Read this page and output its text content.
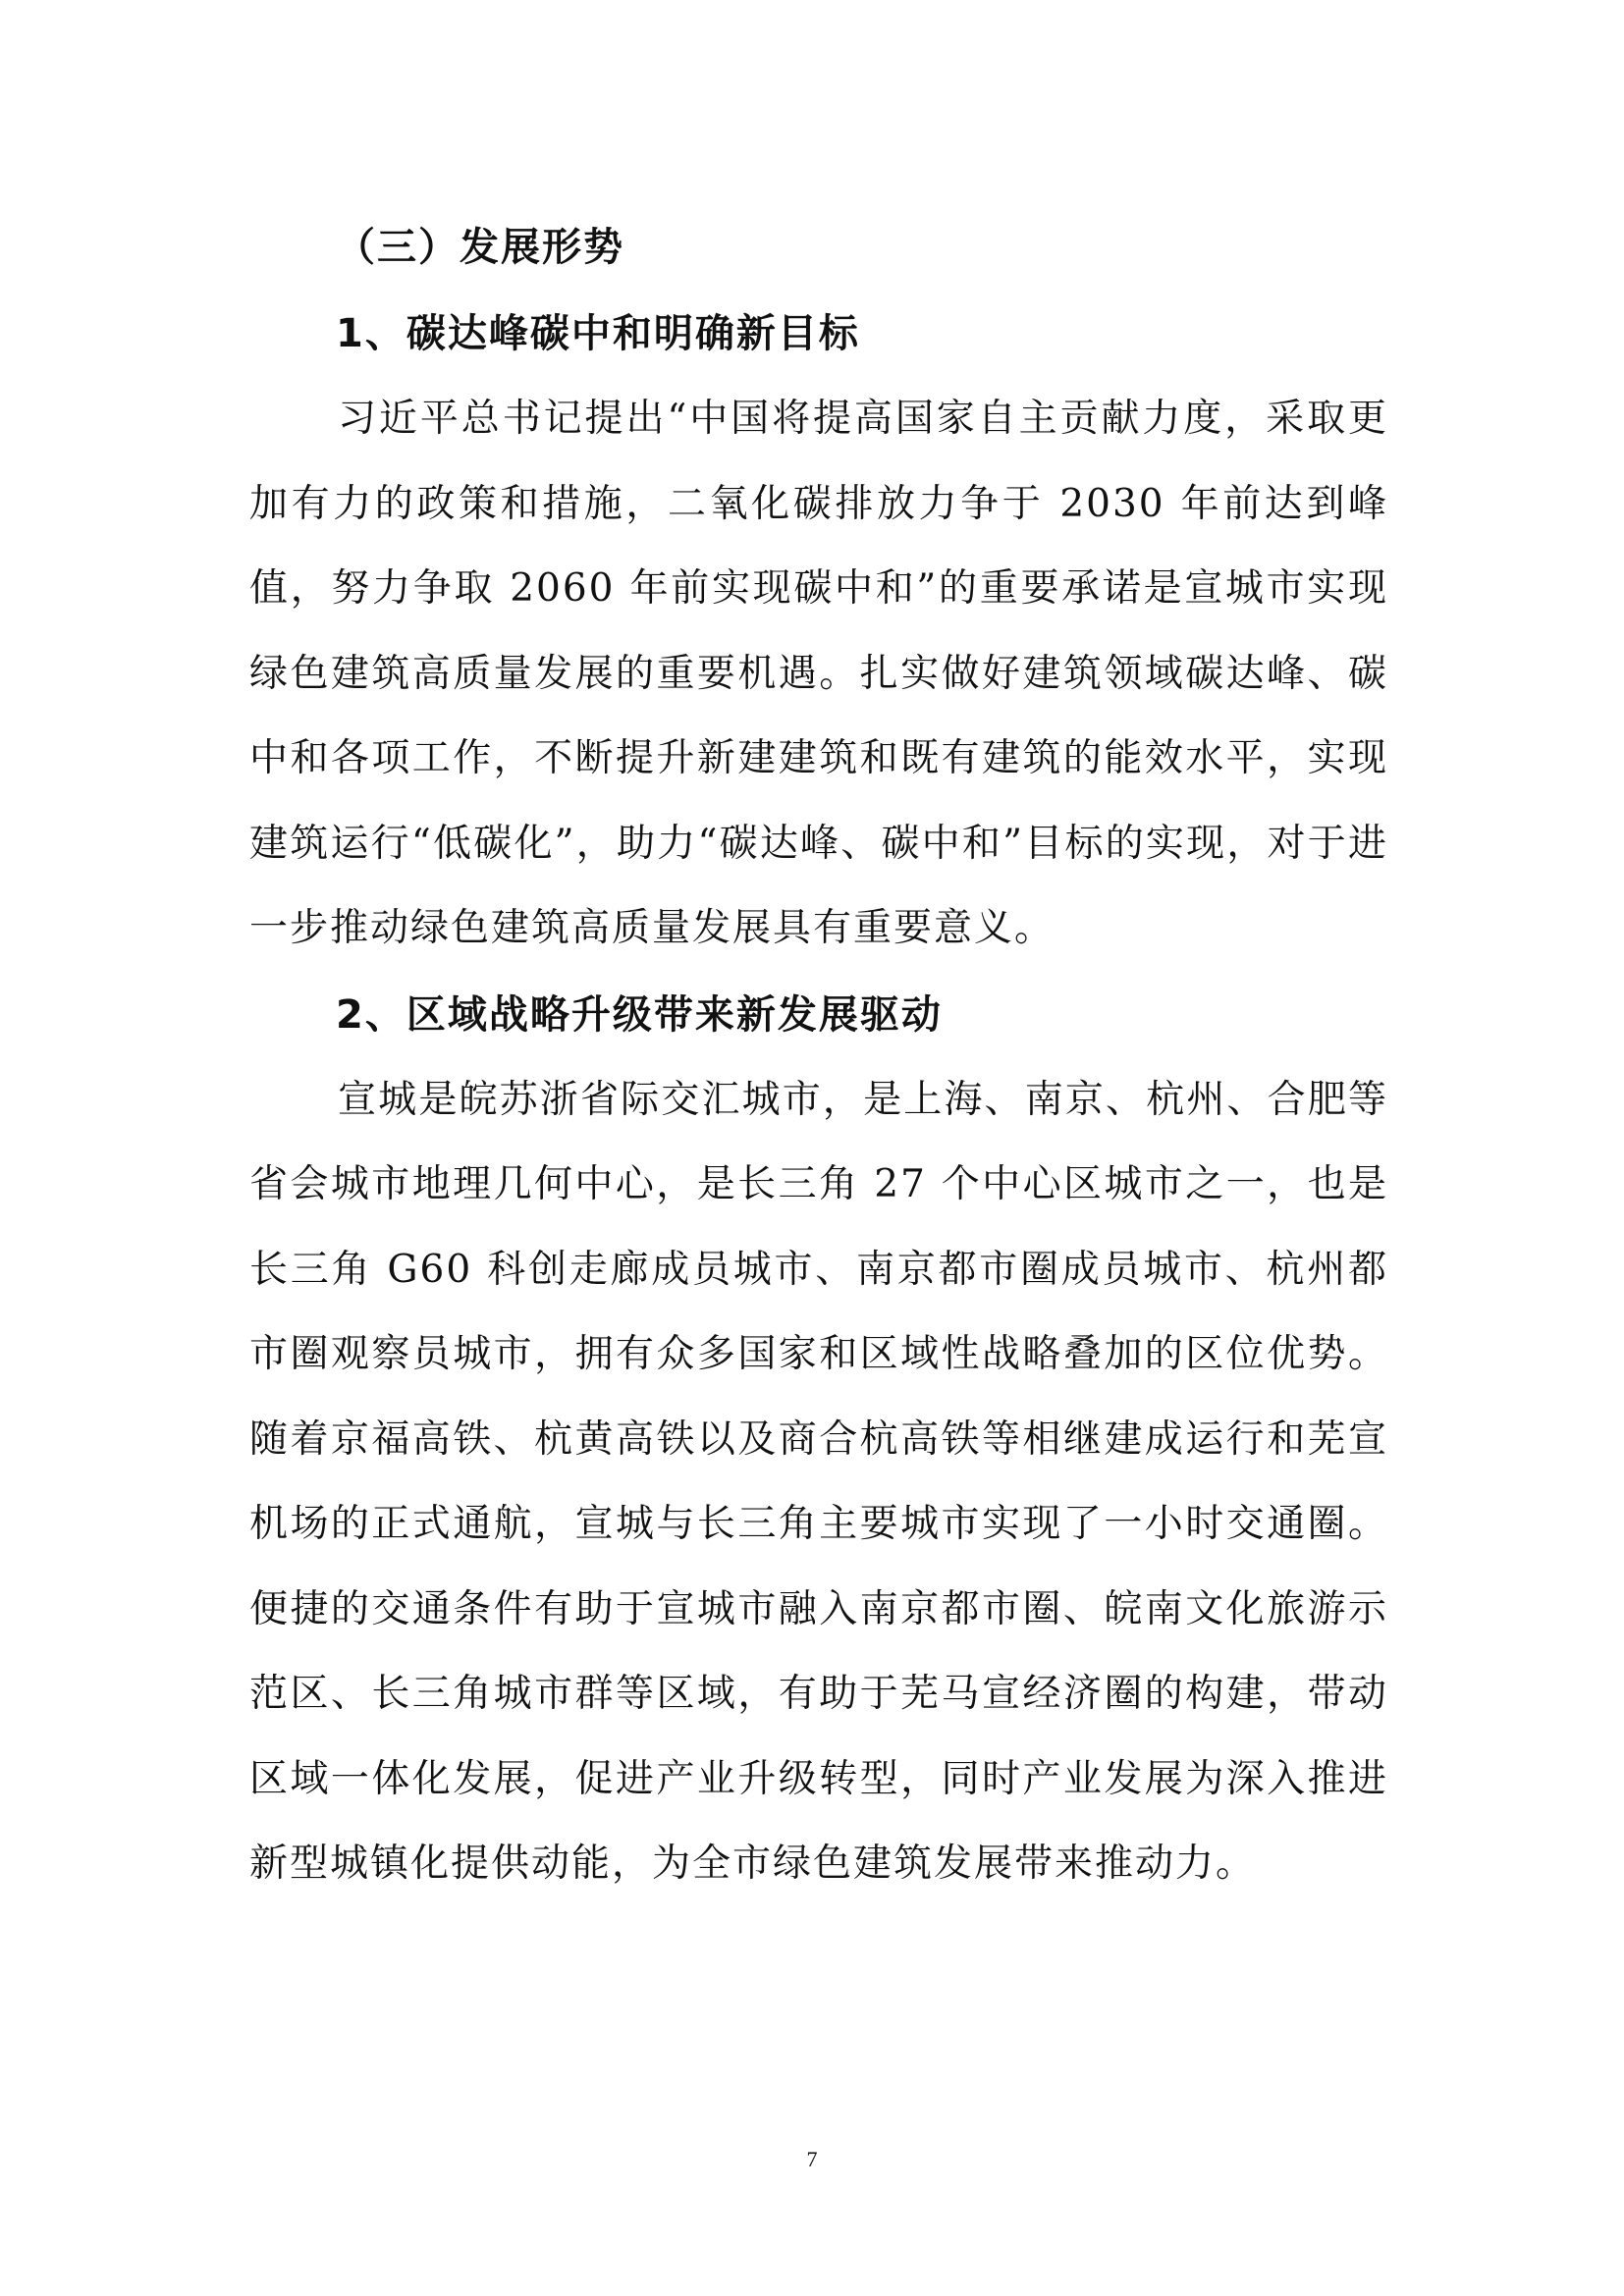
（三）发展形势
1、碳达峰碳中和明确新目标

习近平总书记提出“中国将提高国家自主贡献力度，采取更加有力的政策和措施，二氧化碳排放力争于 2030 年前达到峰值，努力争取 2060 年前实现碳中和”的重要承诺是宣城市实现绿色建筑高质量发展的重要机遇。扎实做好建筑领域碳达峰、碳中和各项工作，不断提升新建建筑和既有建筑的能效水平，实现建筑运行“低碳化”，助力“碳达峰、碳中和”目标的实现，对于进一步推动绿色建筑高质量发展具有重要意义。

2、区域战略升级带来新发展驱动

宣城是皖苏浙省际交汇城市，是上海、南京、杭州、合肥等省会城市地理几何中心，是长三角 27 个中心区城市之一，也是长三角 G60 科创走廊成员城市、南京都市圈成员城市、杭州都市圈观察员城市，拥有众多国家和区域性战略叠加的区位优势。随着京福高铁、杭黄高铁以及商合杭高铁等相继建成运行和芜宣机场的正式通航，宣城与长三角主要城市实现了一小时交通圈。便捷的交通条件有助于宣城市融入南京都市圈、皖南文化旅游示范区、长三角城市群等区域，有助于芜马宣经济圈的构建，带动区域一体化发展，促进产业升级转型，同时产业发展为深入推进新型城镇化提供动能，为全市绿色建筑发展带来推动力。

7
